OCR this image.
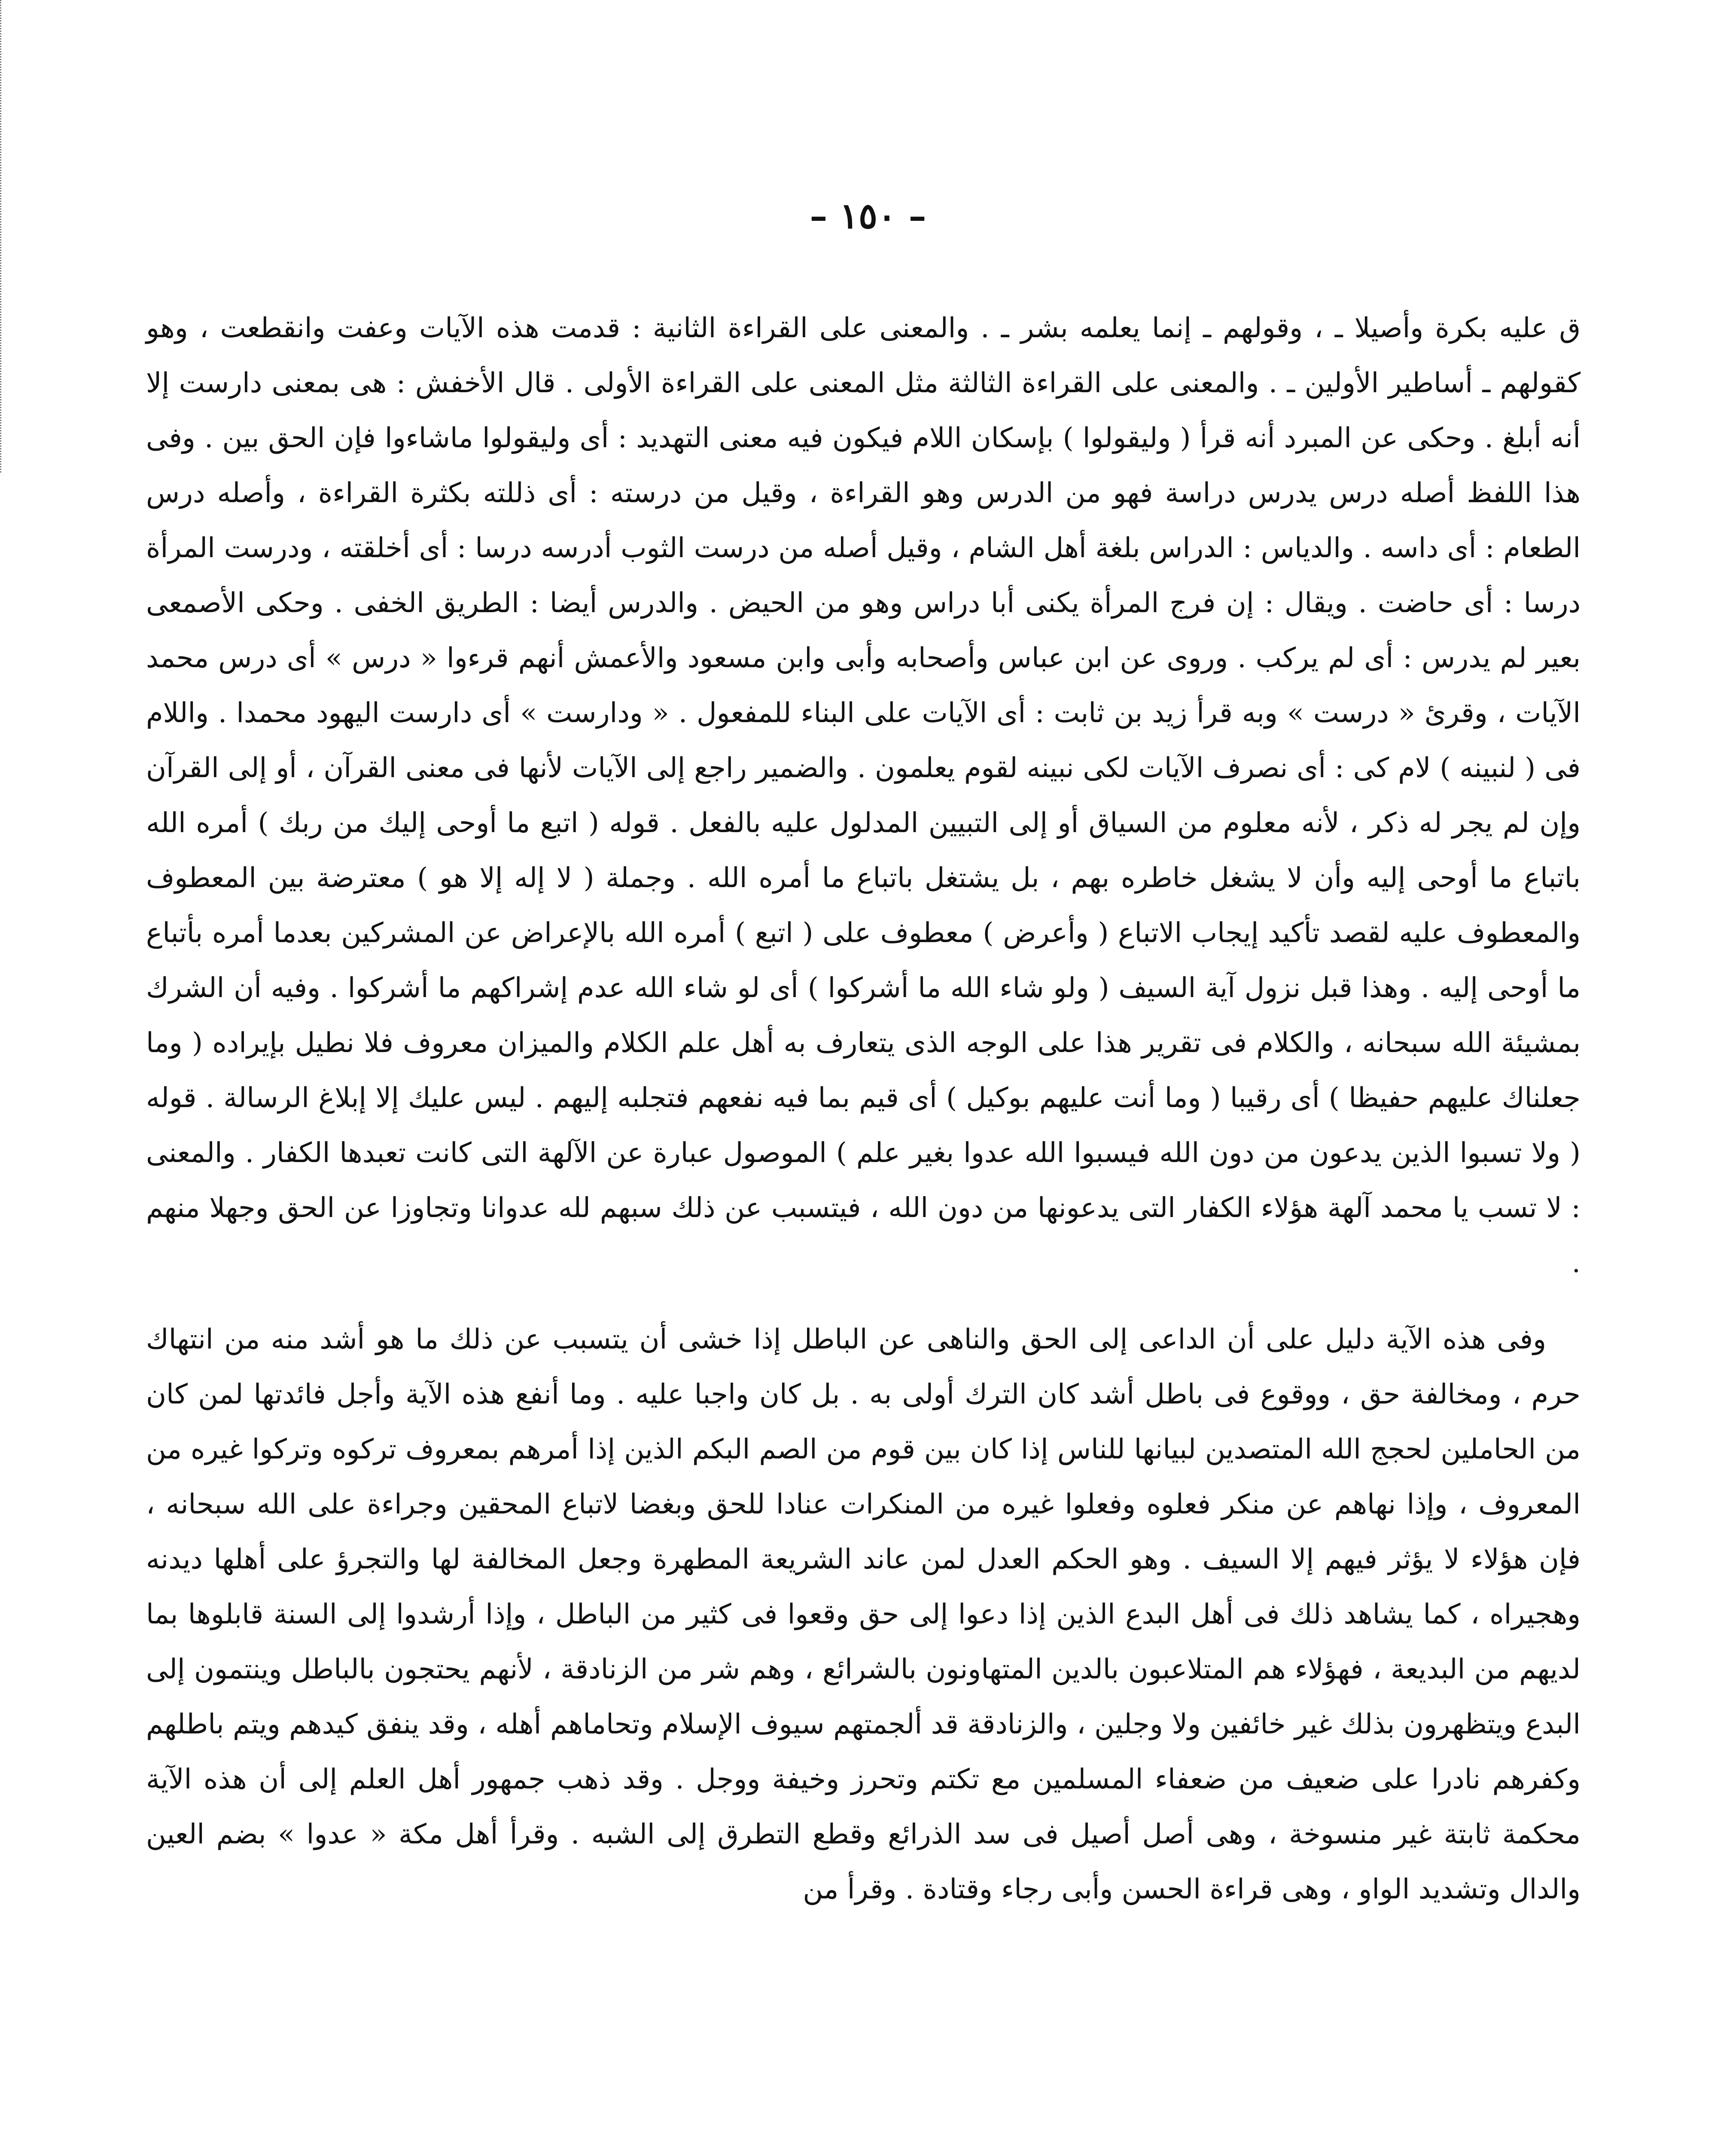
– ١٥٠ –

ق عليه بكرة وأصيلا ـ ، وقولهم ـ إنما يعلمه بشر ـ . والمعنى على القراءة الثانية : قدمت هذه الآيات وعفت وانقطعت ، وهو كقولهم ـ أساطير الأولين ـ . والمعنى على القراءة الثالثة مثل المعنى على القراءة الأولى . قال الأخفش : هى بمعنى دارست إلا أنه أبلغ . وحكى عن المبرد أنه قرأ ( وليقولوا ) بإسكان اللام فيكون فيه معنى التهديد : أى وليقولوا ماشاءوا فإن الحق بين . وفى هذا اللفظ أصله درس يدرس دراسة فهو من الدرس وهو القراءة ، وقيل من درسته : أى ذللته بكثرة القراءة ، وأصله درس الطعام : أى داسه . والدياس : الدراس بلغة أهل الشام ، وقيل أصله من درست الثوب أدرسه درسا : أى أخلقته ، ودرست المرأة درسا : أى حاضت . ويقال : إن فرج المرأة يكنى أبا دراس وهو من الحيض . والدرس أيضا : الطريق الخفى . وحكى الأصمعى بعير لم يدرس : أى لم يركب . وروى عن ابن عباس وأصحابه وأبى وابن مسعود والأعمش أنهم قرءوا « درس » أى درس محمد الآيات ، وقرئ « درست » وبه قرأ زيد بن ثابت : أى الآيات على البناء للمفعول . « ودارست » أى دارست اليهود محمدا . واللام فى ( لنبينه ) لام كى : أى نصرف الآيات لكى نبينه لقوم يعلمون . والضمير راجع إلى الآيات لأنها فى معنى القرآن ، أو إلى القرآن وإن لم يجر له ذكر ، لأنه معلوم من السياق أو إلى التبيين المدلول عليه بالفعل . قوله ( اتبع ما أوحى إليك من ربك ) أمره الله باتباع ما أوحى إليه وأن لا يشغل خاطره بهم ، بل يشتغل باتباع ما أمره الله . وجملة ( لا إله إلا هو ) معترضة بين المعطوف والمعطوف عليه لقصد تأكيد إيجاب الاتباع ( وأعرض ) معطوف على ( اتبع ) أمره الله بالإعراض عن المشركين بعدما أمره بأتباع ما أوحى إليه . وهذا قبل نزول آية السيف ( ولو شاء الله ما أشركوا ) أى لو شاء الله عدم إشراكهم ما أشركوا . وفيه أن الشرك بمشيئة الله سبحانه ، والكلام فى تقرير هذا على الوجه الذى يتعارف به أهل علم الكلام والميزان معروف فلا نطيل بإيراده ( وما جعلناك عليهم حفيظا ) أى رقيبا ( وما أنت عليهم بوكيل ) أى قيم بما فيه نفعهم فتجلبه إليهم . ليس عليك إلا إبلاغ الرسالة . قوله ( ولا تسبوا الذين يدعون من دون الله فيسبوا الله عدوا بغير علم ) الموصول عبارة عن الآلهة التى كانت تعبدها الكفار . والمعنى : لا تسب يا محمد آلهة هؤلاء الكفار التى يدعونها من دون الله ، فيتسبب عن ذلك سبهم لله عدوانا وتجاوزا عن الحق وجهلا منهم .

وفى هذه الآية دليل على أن الداعى إلى الحق والناهى عن الباطل إذا خشى أن يتسبب عن ذلك ما هو أشد منه من انتهاك حرم ، ومخالفة حق ، ووقوع فى باطل أشد كان الترك أولى به . بل كان واجبا عليه . وما أنفع هذه الآية وأجل فائدتها لمن كان من الحاملين لحجج الله المتصدين لبيانها للناس إذا كان بين قوم من الصم البكم الذين إذا أمرهم بمعروف تركوه وتركوا غيره من المعروف ، وإذا نهاهم عن منكر فعلوه وفعلوا غيره من المنكرات عنادا للحق وبغضا لاتباع المحقين وجراءة على الله سبحانه ، فإن هؤلاء لا يؤثر فيهم إلا السيف . وهو الحكم العدل لمن عاند الشريعة المطهرة وجعل المخالفة لها والتجرؤ على أهلها ديدنه وهجيراه ، كما يشاهد ذلك فى أهل البدع الذين إذا دعوا إلى حق وقعوا فى كثير من الباطل ، وإذا أرشدوا إلى السنة قابلوها بما لديهم من البديعة ، فهؤلاء هم المتلاعبون بالدين المتهاونون بالشرائع ، وهم شر من الزنادقة ، لأنهم يحتجون بالباطل وينتمون إلى البدع ويتظهرون بذلك غير خائفين ولا وجلين ، والزنادقة قد ألجمتهم سيوف الإسلام وتحاماهم أهله ، وقد ينفق كيدهم ويتم باطلهم وكفرهم نادرا على ضعيف من ضعفاء المسلمين مع تكتم وتحرز وخيفة ووجل . وقد ذهب جمهور أهل العلم إلى أن هذه الآية محكمة ثابتة غير منسوخة ، وهى أصل أصيل فى سد الذرائع وقطع التطرق إلى الشبه . وقرأ أهل مكة « عدوا » بضم العين والدال وتشديد الواو ، وهى قراءة الحسن وأبى رجاء وقتادة . وقرأ من
